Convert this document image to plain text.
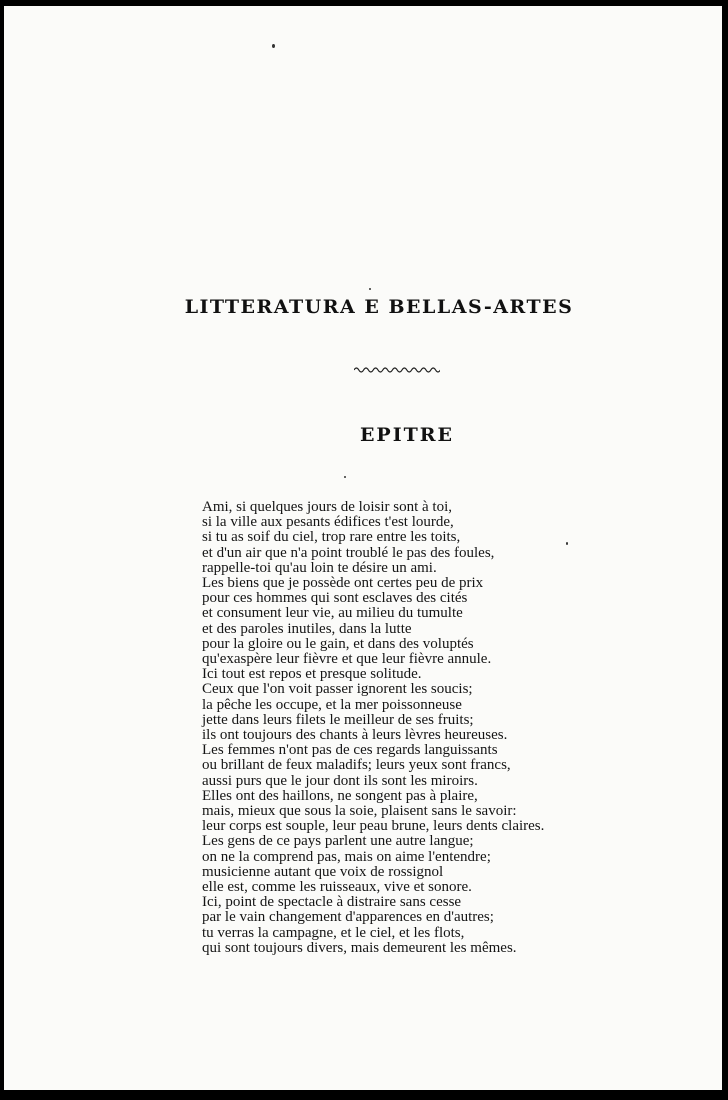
LITTERATURA E BELLAS-ARTES
EPITRE
Ami, si quelques jours de loisir sont à toi,
si la ville aux pesants édifices t'est lourde,
si tu as soif du ciel, trop rare entre les toits,
et d'un air que n'a point troublé le pas des foules,
rappelle-toi qu'au loin te désire un ami.
Les biens que je possède ont certes peu de prix
pour ces hommes qui sont esclaves des cités
et consument leur vie, au milieu du tumulte
et des paroles inutiles, dans la lutte
pour la gloire ou le gain, et dans des voluptés
qu'exaspère leur fièvre et que leur fièvre annule.
Ici tout est repos et presque solitude.
Ceux que l'on voit passer ignorent les soucis;
la pêche les occupe, et la mer poissonneuse
jette dans leurs filets le meilleur de ses fruits;
ils ont toujours des chants à leurs lèvres heureuses.
Les femmes n'ont pas de ces regards languissants
ou brillant de feux maladifs; leurs yeux sont francs,
aussi purs que le jour dont ils sont les miroirs.
Elles ont des haillons, ne songent pas à plaire,
mais, mieux que sous la soie, plaisent sans le savoir:
leur corps est souple, leur peau brune, leurs dents claires.
Les gens de ce pays parlent une autre langue;
on ne la comprend pas, mais on aime l'entendre;
musicienne autant que voix de rossignol
elle est, comme les ruisseaux, vive et sonore.
Ici, point de spectacle à distraire sans cesse
par le vain changement d'apparences en d'autres;
tu verras la campagne, et le ciel, et les flots,
qui sont toujours divers, mais demeurent les mêmes.
